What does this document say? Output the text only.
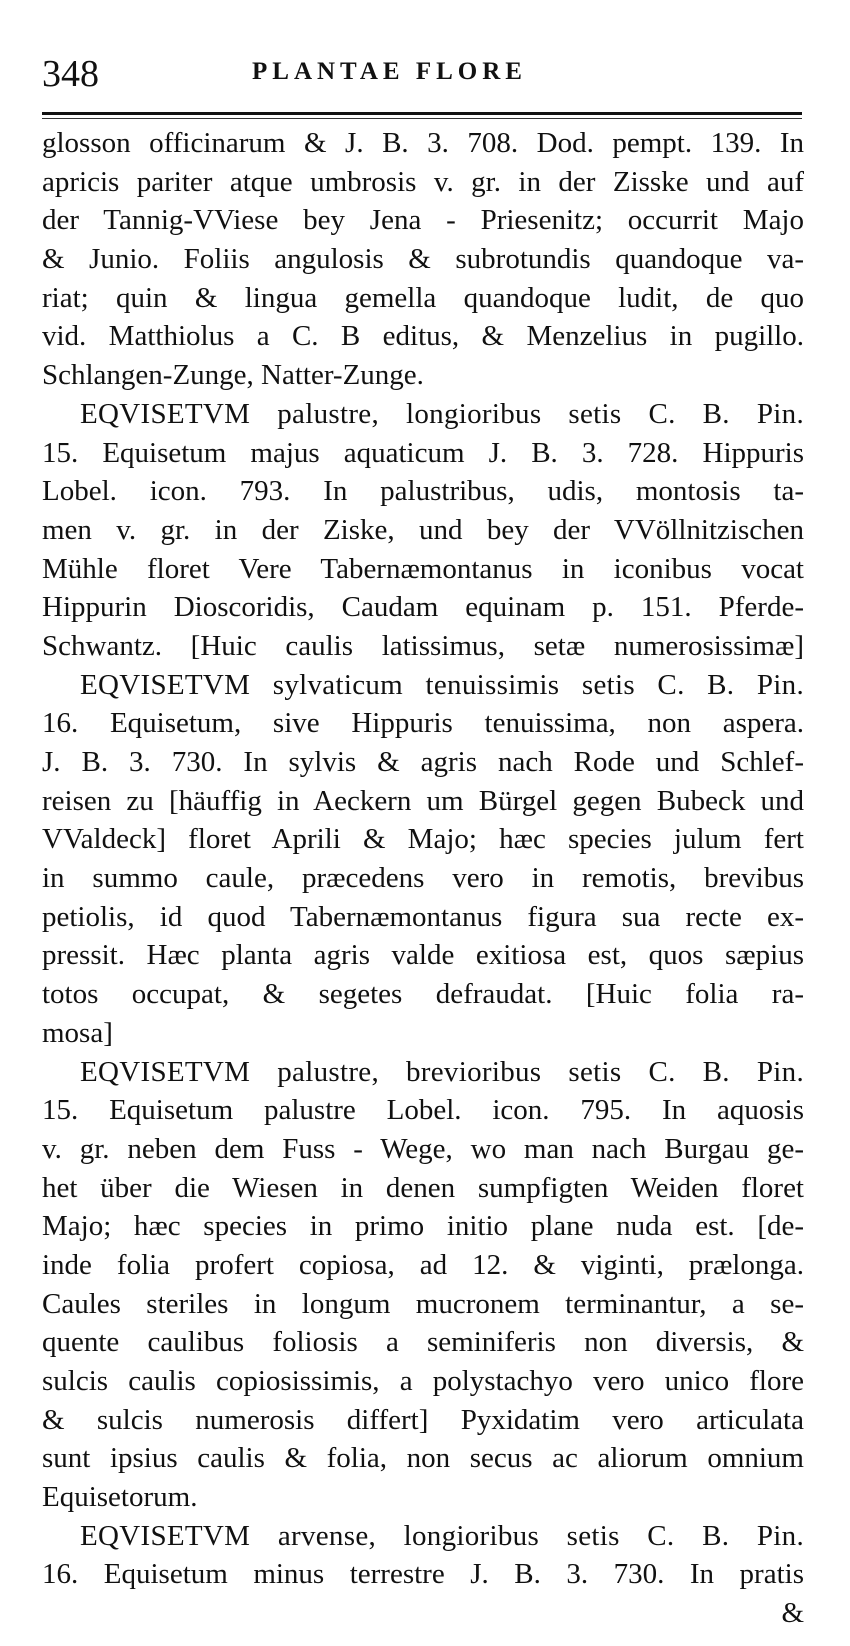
348	PLANTAE FLORE
glosson officinarum & J. B. 3. 708. Dod. pempt. 139. In
apricis pariter atque umbrosis v. gr. in der Zisske und auf
der Tannig-VViese bey Jena - Priesenitz; occurrit Majo
& Junio. Foliis angulosis & subrotundis quandoque va-
riat; quin & lingua gemella quandoque ludit, de quo
vid. Matthiolus a C. B editus, & Menzelius in pugillo.
Schlangen-Zunge, Natter-Zunge.
EQVISETVM palustre, longioribus setis C. B. Pin.
15. Equisetum majus aquaticum J. B. 3. 728. Hippuris
Lobel. icon. 793. In palustribus, udis, montosis ta-
men v. gr. in der Ziske, und bey der VVöllnitzischen
Mühle floret Vere Tabernæmontanus in iconibus vocat
Hippurin Dioscoridis, Caudam equinam p. 151. Pferde-
Schwantz. [Huic caulis latissimus, setæ numerosissimæ]
EQVISETVM sylvaticum tenuissimis setis C. B. Pin.
16. Equisetum, sive Hippuris tenuissima, non aspera.
J. B. 3. 730. In sylvis & agris nach Rode und Schlef-
reisen zu [häuffig in Aeckern um Bürgel gegen Bubeck und
VValdeck] floret Aprili & Majo; hæc species julum fert
in summo caule, præcedens vero in remotis, brevibus
petiolis, id quod Tabernæmontanus figura sua recte ex-
pressit. Hæc planta agris valde exitiosa est, quos sæpius
totos occupat, & segetes defraudat. [Huic folia ra-
mosa]
EQVISETVM palustre, brevioribus setis C. B. Pin.
15. Equisetum palustre Lobel. icon. 795. In aquosis
v. gr. neben dem Fuss - Wege, wo man nach Burgau ge-
het über die Wiesen in denen sumpfigten Weiden floret
Majo; hæc species in primo initio plane nuda est. [de-
inde folia profert copiosa, ad 12. & viginti, prælonga.
Caules steriles in longum mucronem terminantur, a se-
quente caulibus foliosis a seminiferis non diversis, &
sulcis caulis copiosissimis, a polystachyo vero unico flore
& sulcis numerosis differt] Pyxidatim vero articulata
sunt ipsius caulis & folia, non secus ac aliorum omnium
Equisetorum.
EQVISETVM arvense, longioribus setis C. B. Pin.
16. Equisetum minus terrestre J. B. 3. 730. In pratis
&
